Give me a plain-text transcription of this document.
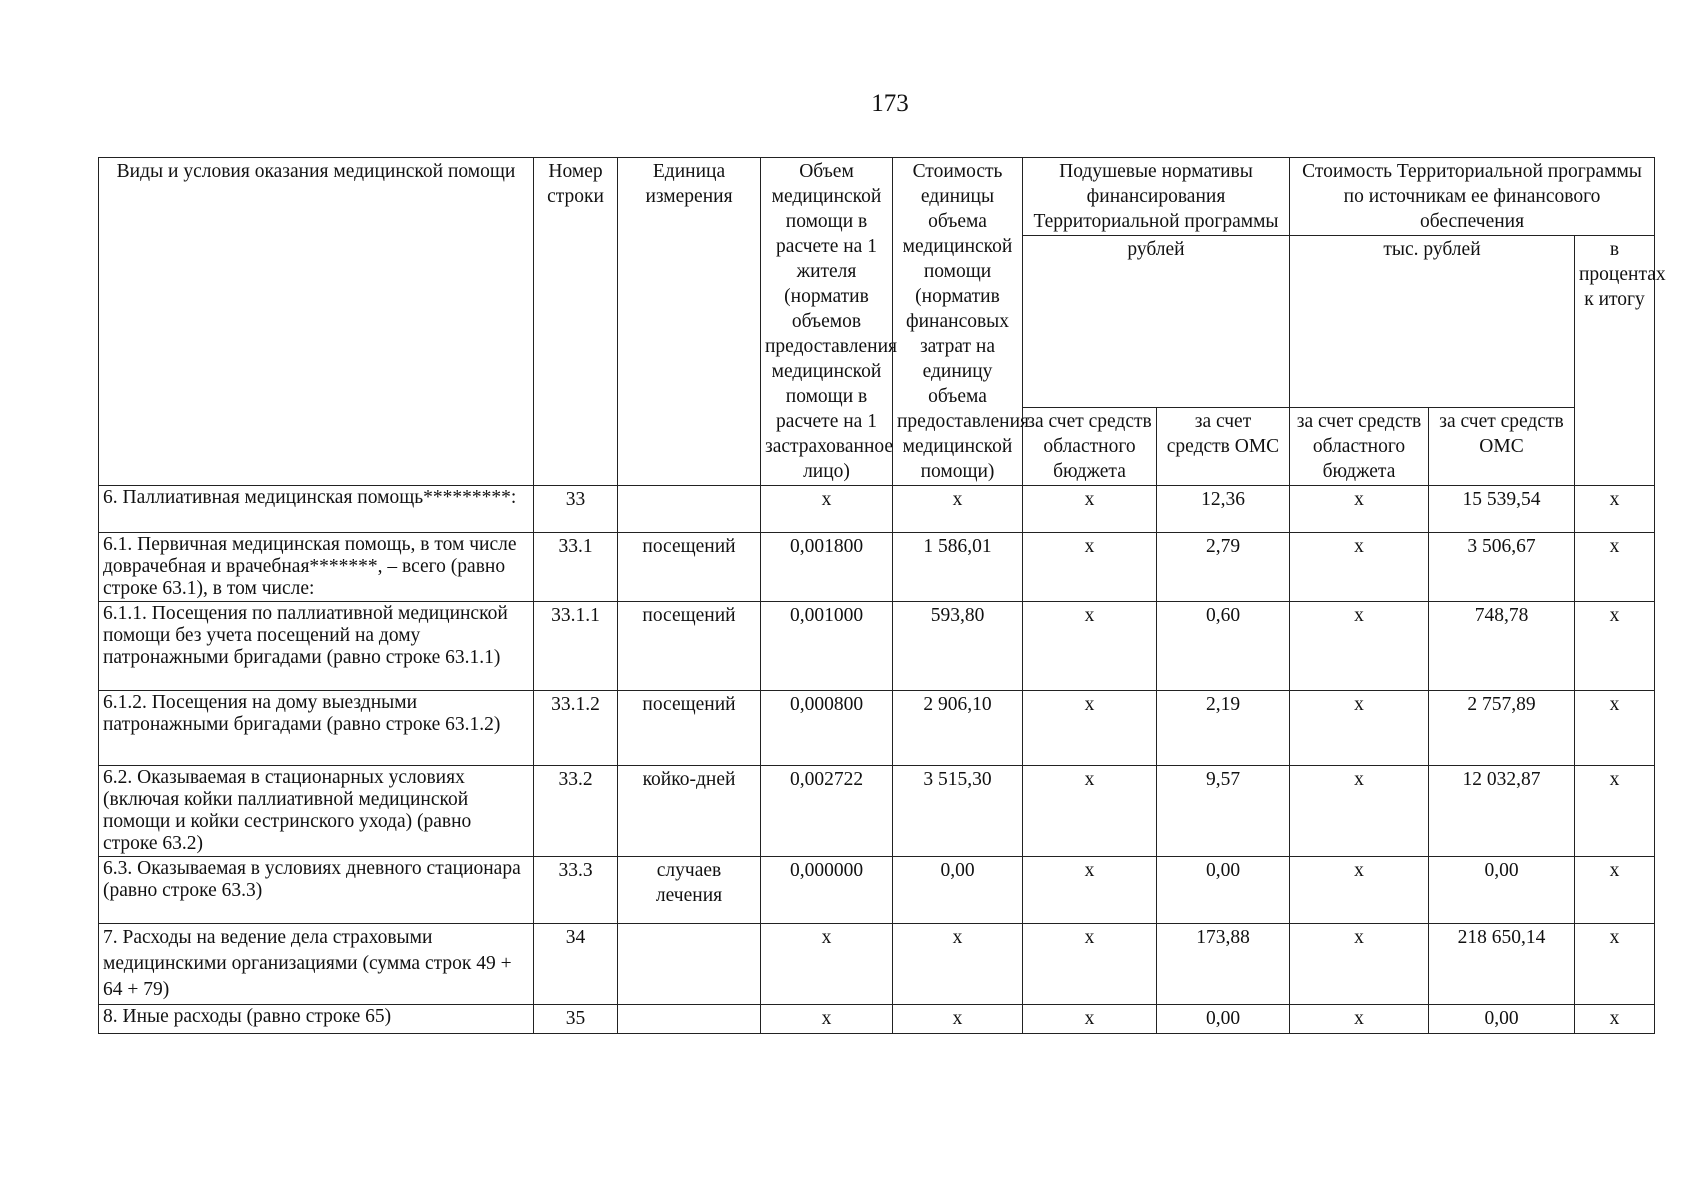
173
Виды и условия оказания медицинской помощи	Номер строки	Единица измерения	Объем медицинской помощи в расчете на 1 жителя (норматив объемов предоставления медицинской помощи в расчете на 1 застрахованное лицо)	Стоимость единицы объема медицинской помощи (норматив финансовых затрат на единицу объема предоставления медицинской помощи)	Подушевые нормативы финансирования Территориальной программы		Стоимость Территориальной программы по источникам ее финансового обеспечения		
					рублей		тыс. рублей		в процентах к итогу
					за счет средств областного бюджета	за счет средств ОМС	за счет средств областного бюджета	за счет средств ОМС	
6. Паллиативная медицинская помощь*********:	33		x	x	x	12,36	x	15 539,54	x
6.1. Первичная медицинская помощь, в том числе доврачебная и врачебная*******, – всего (равно строке 63.1), в том числе:	33.1	посещений	0,001800	1 586,01	x	2,79	x	3 506,67	x
6.1.1. Посещения по паллиативной медицинской помощи без учета посещений на дому патронажными бригадами (равно строке 63.1.1)	33.1.1	посещений	0,001000	593,80	x	0,60	x	748,78	x
6.1.2. Посещения на дому выездными патронажными бригадами (равно строке 63.1.2)	33.1.2	посещений	0,000800	2 906,10	x	2,19	x	2 757,89	x
6.2. Оказываемая в стационарных условиях (включая койки паллиативной медицинской помощи и койки сестринского ухода) (равно строке 63.2)	33.2	койко-дней	0,002722	3 515,30	x	9,57	x	12 032,87	x
6.3. Оказываемая в условиях дневного стационара (равно строке 63.3)	33.3	случаев лечения	0,000000	0,00	x	0,00	x	0,00	x
7. Расходы на ведение дела страховыми медицинскими организациями (сумма строк 49 + 64 + 79)	34		x	x	x	173,88	x	218 650,14	x
8. Иные расходы (равно строке 65)	35		x	x	x	0,00	x	0,00	x
